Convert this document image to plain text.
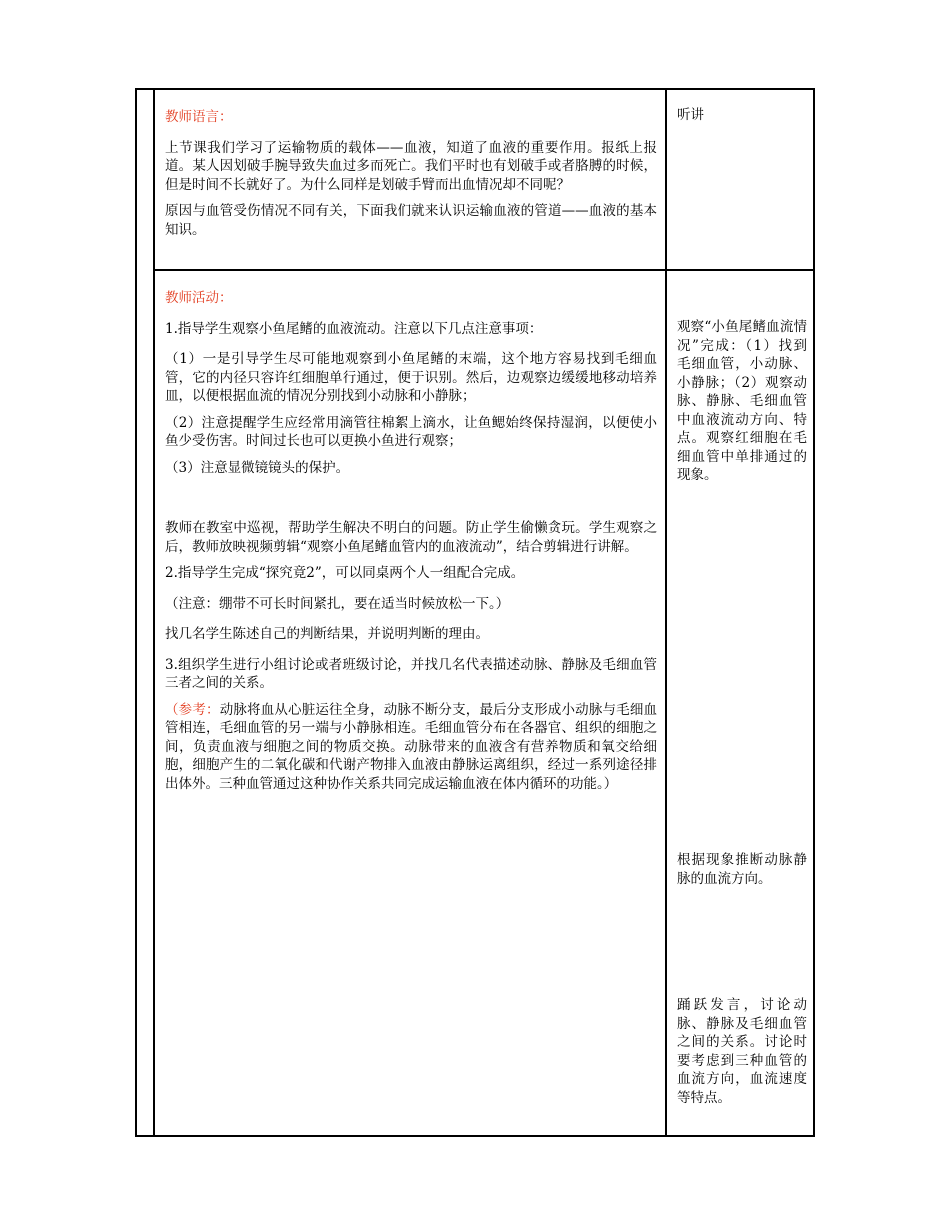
教师语言：

上节课我们学习了运输物质的载体——血液，知道了血液的重要作用。报纸上报道。某人因划破手腕导致失血过多而死亡。我们平时也有划破手或者胳膊的时候，但是时间不长就好了。为什么同样是划破手臂而出血情况却不同呢？

原因与血管受伤情况不同有关，下面我们就来认识运输血液的管道——血液的基本知识。

听讲

教师活动：

1.指导学生观察小鱼尾鳍的血液流动。注意以下几点注意事项：

（1）一是引导学生尽可能地观察到小鱼尾鳍的末端，这个地方容易找到毛细血管，它的内径只容许红细胞单行通过，便于识别。然后，边观察边缓缓地移动培养皿，以便根据血流的情况分别找到小动脉和小静脉；

（2）注意提醒学生应经常用滴管往棉絮上滴水，让鱼鳃始终保持湿润，以便使小鱼少受伤害。时间过长也可以更换小鱼进行观察；

（3）注意显微镜镜头的保护。

教师在教室中巡视，帮助学生解决不明白的问题。防止学生偷懒贪玩。学生观察之后，教师放映视频剪辑“观察小鱼尾鳍血管内的血液流动”，结合剪辑进行讲解。

2.指导学生完成“探究竟2”，可以同桌两个人一组配合完成。

（注意：绷带不可长时间紧扎，要在适当时候放松一下。）

找几名学生陈述自己的判断结果，并说明判断的理由。

3.组织学生进行小组讨论或者班级讨论，并找几名代表描述动脉、静脉及毛细血管三者之间的关系。

（参考：动脉将血从心脏运往全身，动脉不断分支，最后分支形成小动脉与毛细血管相连，毛细血管的另一端与小静脉相连。毛细血管分布在各器官、组织的细胞之间，负责血液与细胞之间的物质交换。动脉带来的血液含有营养物质和氧交给细胞，细胞产生的二氧化碳和代谢产物排入血液由静脉运离组织，经过一系列途径排出体外。三种血管通过这种协作关系共同完成运输血液在体内循环的功能。）

观察“小鱼尾鳍血流情况”完成：（1）找到毛细血管，小动脉、小静脉；（2）观察动脉、静脉、毛细血管中血液流动方向、特点。观察红细胞在毛细血管中单排通过的现象。
根据现象推断动脉静脉的血流方向。
踊跃发言，讨论动脉、静脉及毛细血管之间的关系。讨论时要考虑到三种血管的血流方向，血流速度等特点。
